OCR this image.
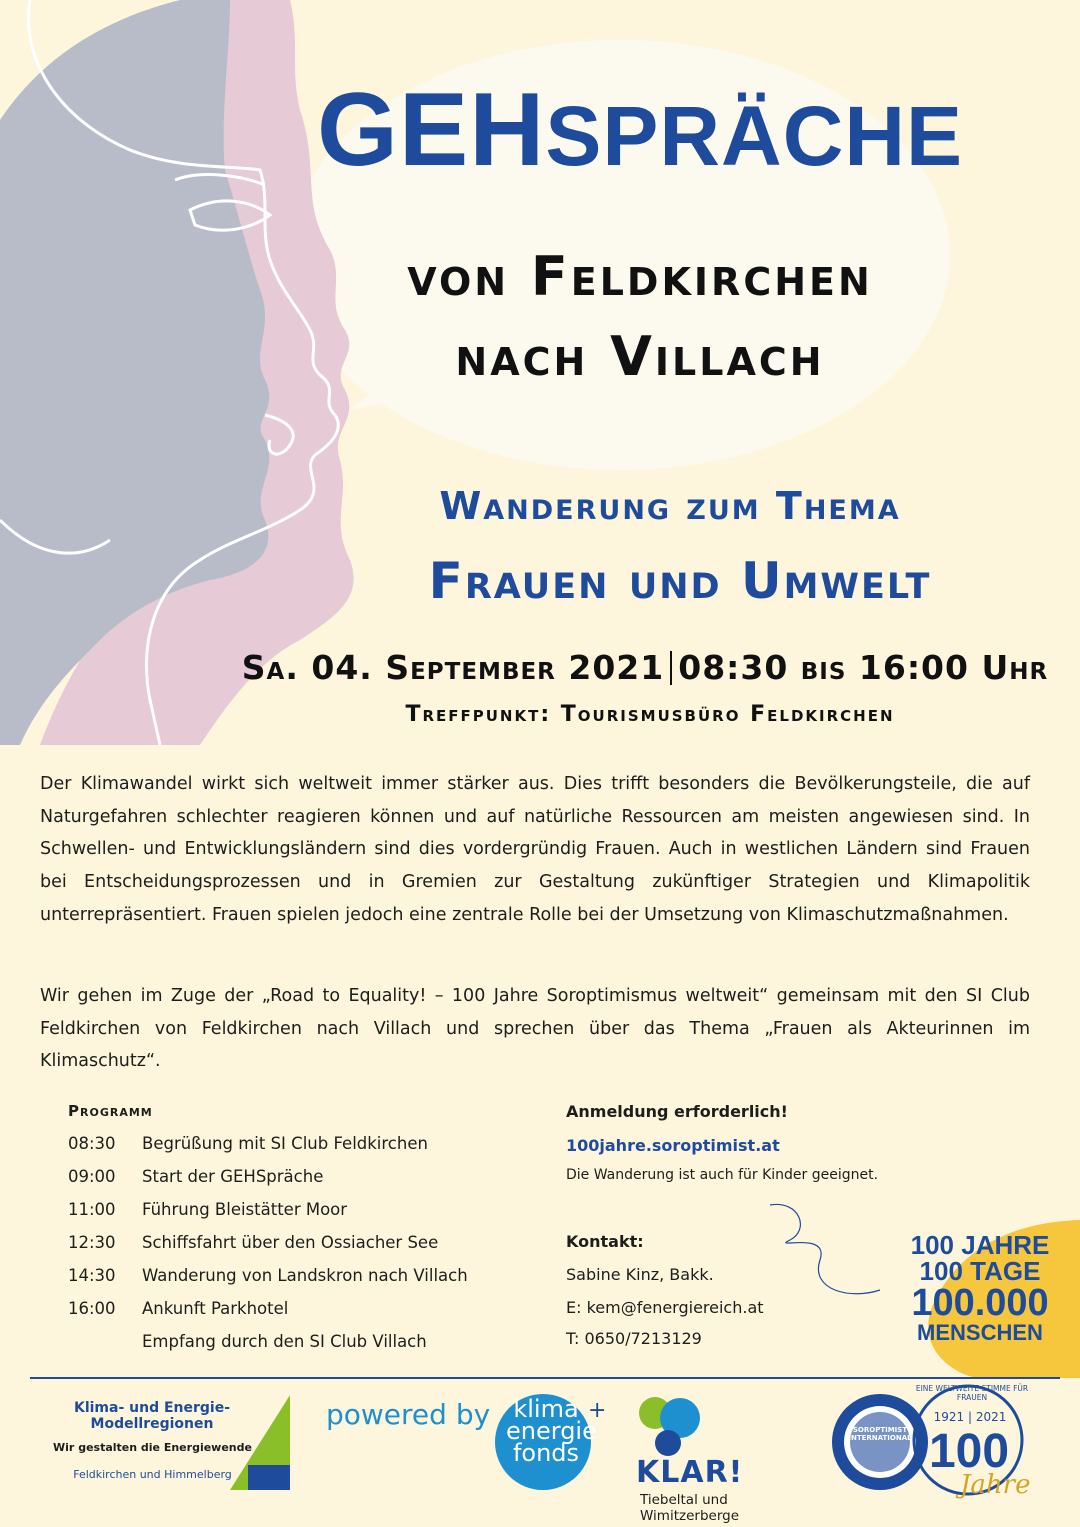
GEHSPRÄCHE
von Feldkirchen
nach Villach
Wanderung zum Thema
Frauen und Umwelt
Sa. 04. September 2021 08:30 bis 16:00 Uhr
Treffpunkt: Tourismusbüro Feldkirchen

Der Klimawandel wirkt sich weltweit immer stärker aus. Dies trifft besonders die Bevölkerungsteile, die auf Naturgefahren schlechter reagieren können und auf natürliche Ressourcen am meisten angewiesen sind. In Schwellen- und Entwicklungsländern sind dies vordergründig Frauen. Auch in westlichen Ländern sind Frauen bei Entscheidungsprozessen und in Gremien zur Gestaltung zukünftiger Strategien und Klimapolitik unterrepräsentiert. Frauen spielen jedoch eine zentrale Rolle bei der Umsetzung von Klimaschutzmaßnahmen.

Wir gehen im Zuge der „Road to Equality! – 100 Jahre Soroptimismus weltweit“ gemeinsam mit den SI Club Feldkirchen von Feldkirchen nach Villach und sprechen über das Thema „Frauen als Akteurinnen im Klimaschutz“.

Programm
08:30	Begrüßung mit SI Club Feldkirchen
09:00	Start der GEHSpräche
11:00	Führung Bleistätter Moor
12:30	Schiffsfahrt über den Ossiacher See
14:30	Wanderung von Landskron nach Villach
16:00	Ankunft Parkhotel
Empfang durch den SI Club Villach
Anmeldung erforderlich!
100jahre.soroptimist.at
Die Wanderung ist auch für Kinder geeignet.
Kontakt:
Sabine Kinz, Bakk.
E: kem@fenergiereich.at
T: 0650/7213129
100 JAHRE
100 TAGE
100.000
MENSCHEN
Klima- und Energie-
Modellregionen
Wir gestalten die Energiewende
Feldkirchen und Himmelberg
powered by klima
energie
fonds
+
KLAR!
Tiebeltal und
Wimitzerberge
SOROPTIMIST INTERNATIONAL
EINE WELTWEITE STIMME FÜR FRAUEN
1921 | 2021
100
Jahre
